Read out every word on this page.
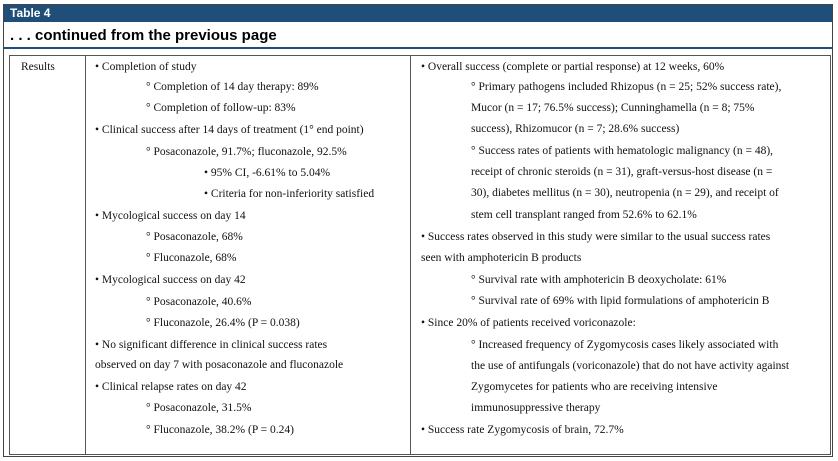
Table 4
. . . continued from the previous page
Results	• Completion of study
° Completion of 14 day therapy: 89%
° Completion of follow-up: 83%
• Clinical success after 14 days of treatment (1° end point)
° Posaconazole, 91.7%; fluconazole, 92.5%
• 95% CI, -6.61% to 5.04%
• Criteria for non-inferiority satisfied
• Mycological success on day 14
° Posaconazole, 68%
° Fluconazole, 68%
• Mycological success on day 42
° Posaconazole, 40.6%
° Fluconazole, 26.4% (P = 0.038)
• No significant difference in clinical success rates
observed on day 7 with posaconazole and fluconazole
• Clinical relapse rates on day 42
° Posaconazole, 31.5%
° Fluconazole, 38.2% (P = 0.24)
• Overall success (complete or partial response) at 12 weeks, 60%
° Primary pathogens included Rhizopus (n = 25; 52% success rate),
Mucor (n = 17; 76.5% success); Cunninghamella (n = 8; 75%
success), Rhizomucor (n = 7; 28.6% success)
° Success rates of patients with hematologic malignancy (n = 48),
receipt of chronic steroids (n = 31), graft-versus-host disease (n =
30), diabetes mellitus (n = 30), neutropenia (n = 29), and receipt of
stem cell transplant ranged from 52.6% to 62.1%
• Success rates observed in this study were similar to the usual success rates
seen with amphotericin B products
° Survival rate with amphotericin B deoxycholate: 61%
° Survival rate of 69% with lipid formulations of amphotericin B
• Since 20% of patients received voriconazole:
° Increased frequency of Zygomycosis cases likely associated with
the use of antifungals (voriconazole) that do not have activity against
Zygomycetes for patients who are receiving intensive
immunosuppressive therapy
• Success rate Zygomycosis of brain, 72.7%
